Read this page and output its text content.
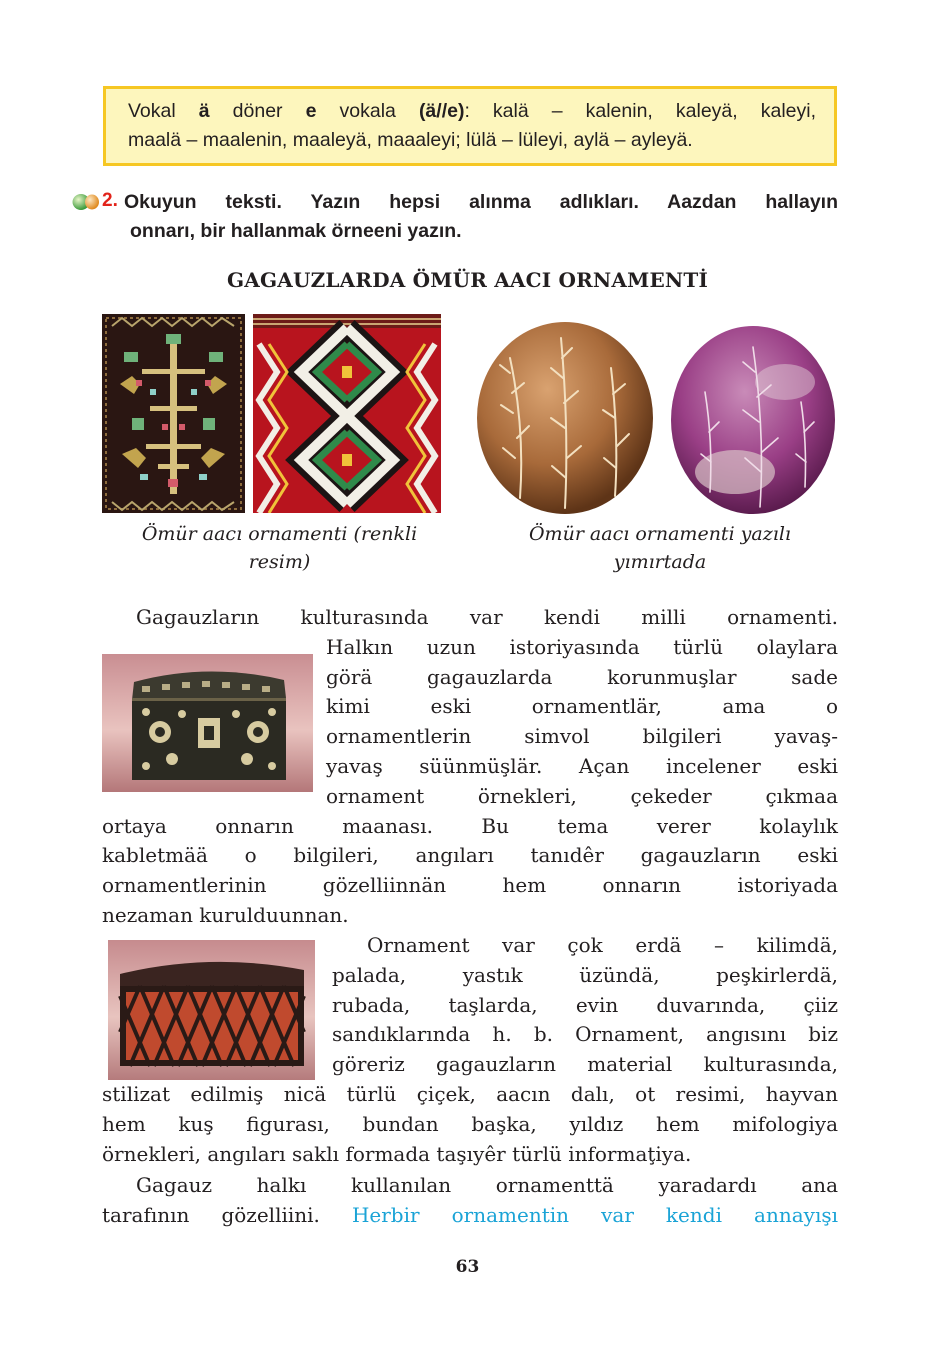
Vokal ä döner e vokala (ä//e): kalä – kalenin, kaleyä, kaleyi,
maalä – maalenin, maaleyä, maaaleyi; lülä – lüleyi, aylä – ayleyä.
2. Okuyun teksti. Yazın hepsi alınma adlıkları. Aazdan hallayın
onnarı, bir hallanmak örneeni yazın.
GAGAUZLARDA ÖMÜR AACI ORNAMENTİ
Ömür aacı ornamenti (renkli
resim)
Ömür aacı ornamenti yazılı
yımırtada
Gagauzların kulturasında var kendi milli ornamenti.
Halkın uzun istoriyasında türlü olaylara
görä gagauzlarda korunmuşlar sade
kimi eski ornamentlär, ama o
ornamentlerin simvol bilgileri yavaş-
yavaş süünmüşlär. Açan incelener eski
ornament örnekleri, çekeder çıkmaa
ortaya onnarın maanası. Bu tema verer kolaylık
kabletmää o bilgileri, angıları tanıdêr gagauzların eski
ornamentlerinin gözelliinnän hem onnarın istoriyada
nezaman kurulduunnan.
Ornament var çok erdä – kilimdä,
palada, yastık üzündä, peşkirlerdä,
rubada, taşlarda, evin duvarında, çiiz
sandıklarında h. b. Ornament, angısını biz
göreriz gagauzların material kulturasında,
stilizat edilmiş nicä türlü çiçek, aacın dalı, ot resimi, hayvan
hem kuş figurası, bundan başka, yıldız hem mifologiya
örnekleri, angıları saklı formada taşıyêr türlü informaţiya.
Gagauz halkı kullanılan ornamenttä yaradardı ana
tarafının gözelliini. Herbir ornamentin var kendi annayışı
63
